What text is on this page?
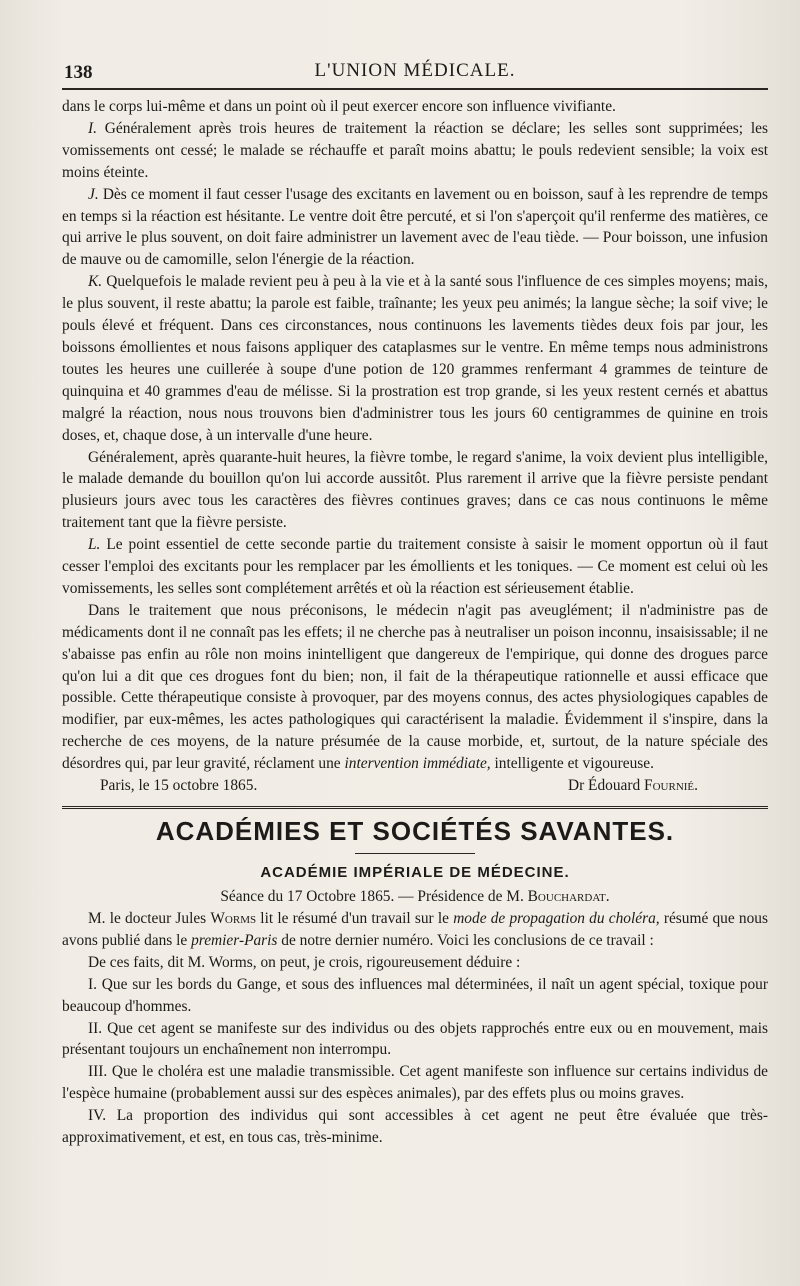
138	L'UNION MÉDICALE.

dans le corps lui-même et dans un point où il peut exercer encore son influence vivifiante.

I. Généralement après trois heures de traitement la réaction se déclare; les selles sont supprimées; les vomissements ont cessé; le malade se réchauffe et paraît moins abattu; le pouls redevient sensible; la voix est moins éteinte.

J. Dès ce moment il faut cesser l'usage des excitants en lavement ou en boisson, sauf à les reprendre de temps en temps si la réaction est hésitante. Le ventre doit être percuté, et si l'on s'aperçoit qu'il renferme des matières, ce qui arrive le plus souvent, on doit faire administrer un lavement avec de l'eau tiède. — Pour boisson, une infusion de mauve ou de camomille, selon l'énergie de la réaction.

K. Quelquefois le malade revient peu à peu à la vie et à la santé sous l'influence de ces simples moyens; mais, le plus souvent, il reste abattu; la parole est faible, traînante; les yeux peu animés; la langue sèche; la soif vive; le pouls élevé et fréquent. Dans ces circonstances, nous continuons les lavements tièdes deux fois par jour, les boissons émollientes et nous faisons appliquer des cataplasmes sur le ventre. En même temps nous administrons toutes les heures une cuillerée à soupe d'une potion de 120 grammes renfermant 4 grammes de teinture de quinquina et 40 grammes d'eau de mélisse. Si la prostration est trop grande, si les yeux restent cernés et abattus malgré la réaction, nous nous trouvons bien d'administrer tous les jours 60 centigrammes de quinine en trois doses, et, chaque dose, à un intervalle d'une heure.

Généralement, après quarante-huit heures, la fièvre tombe, le regard s'anime, la voix devient plus intelligible, le malade demande du bouillon qu'on lui accorde aussitôt. Plus rarement il arrive que la fièvre persiste pendant plusieurs jours avec tous les caractères des fièvres continues graves; dans ce cas nous continuons le même traitement tant que la fièvre persiste.

L. Le point essentiel de cette seconde partie du traitement consiste à saisir le moment opportun où il faut cesser l'emploi des excitants pour les remplacer par les émollients et les toniques. — Ce moment est celui où les vomissements, les selles sont complétement arrêtés et où la réaction est sérieusement établie.

Dans le traitement que nous préconisons, le médecin n'agit pas aveuglément; il n'administre pas de médicaments dont il ne connaît pas les effets; il ne cherche pas à neutraliser un poison inconnu, insaisissable; il ne s'abaisse pas enfin au rôle non moins inintelligent que dangereux de l'empirique, qui donne des drogues parce qu'on lui a dit que ces drogues font du bien; non, il fait de la thérapeutique rationnelle et aussi efficace que possible. Cette thérapeutique consiste à provoquer, par des moyens connus, des actes physiologiques capables de modifier, par eux-mêmes, les actes pathologiques qui caractérisent la maladie. Évidemment il s'inspire, dans la recherche de ces moyens, de la nature présumée de la cause morbide, et, surtout, de la nature spéciale des désordres qui, par leur gravité, réclament une intervention immédiate, intelligente et vigoureuse.

Paris, le 15 octobre 1865.	Dr Édouard Fournié.
ACADÉMIES ET SOCIÉTÉS SAVANTES.
ACADÉMIE IMPÉRIALE DE MÉDECINE.

Séance du 17 Octobre 1865. — Présidence de M. Bouchardat.

M. le docteur Jules Worms lit le résumé d'un travail sur le mode de propagation du choléra, résumé que nous avons publié dans le premier-Paris de notre dernier numéro. Voici les conclusions de ce travail :

De ces faits, dit M. Worms, on peut, je crois, rigoureusement déduire :

I. Que sur les bords du Gange, et sous des influences mal déterminées, il naît un agent spécial, toxique pour beaucoup d'hommes.

II. Que cet agent se manifeste sur des individus ou des objets rapprochés entre eux ou en mouvement, mais présentant toujours un enchaînement non interrompu.

III. Que le choléra est une maladie transmissible. Cet agent manifeste son influence sur certains individus de l'espèce humaine (probablement aussi sur des espèces animales), par des effets plus ou moins graves.

IV. La proportion des individus qui sont accessibles à cet agent ne peut être évaluée que très-approximativement, et est, en tous cas, très-minime.
